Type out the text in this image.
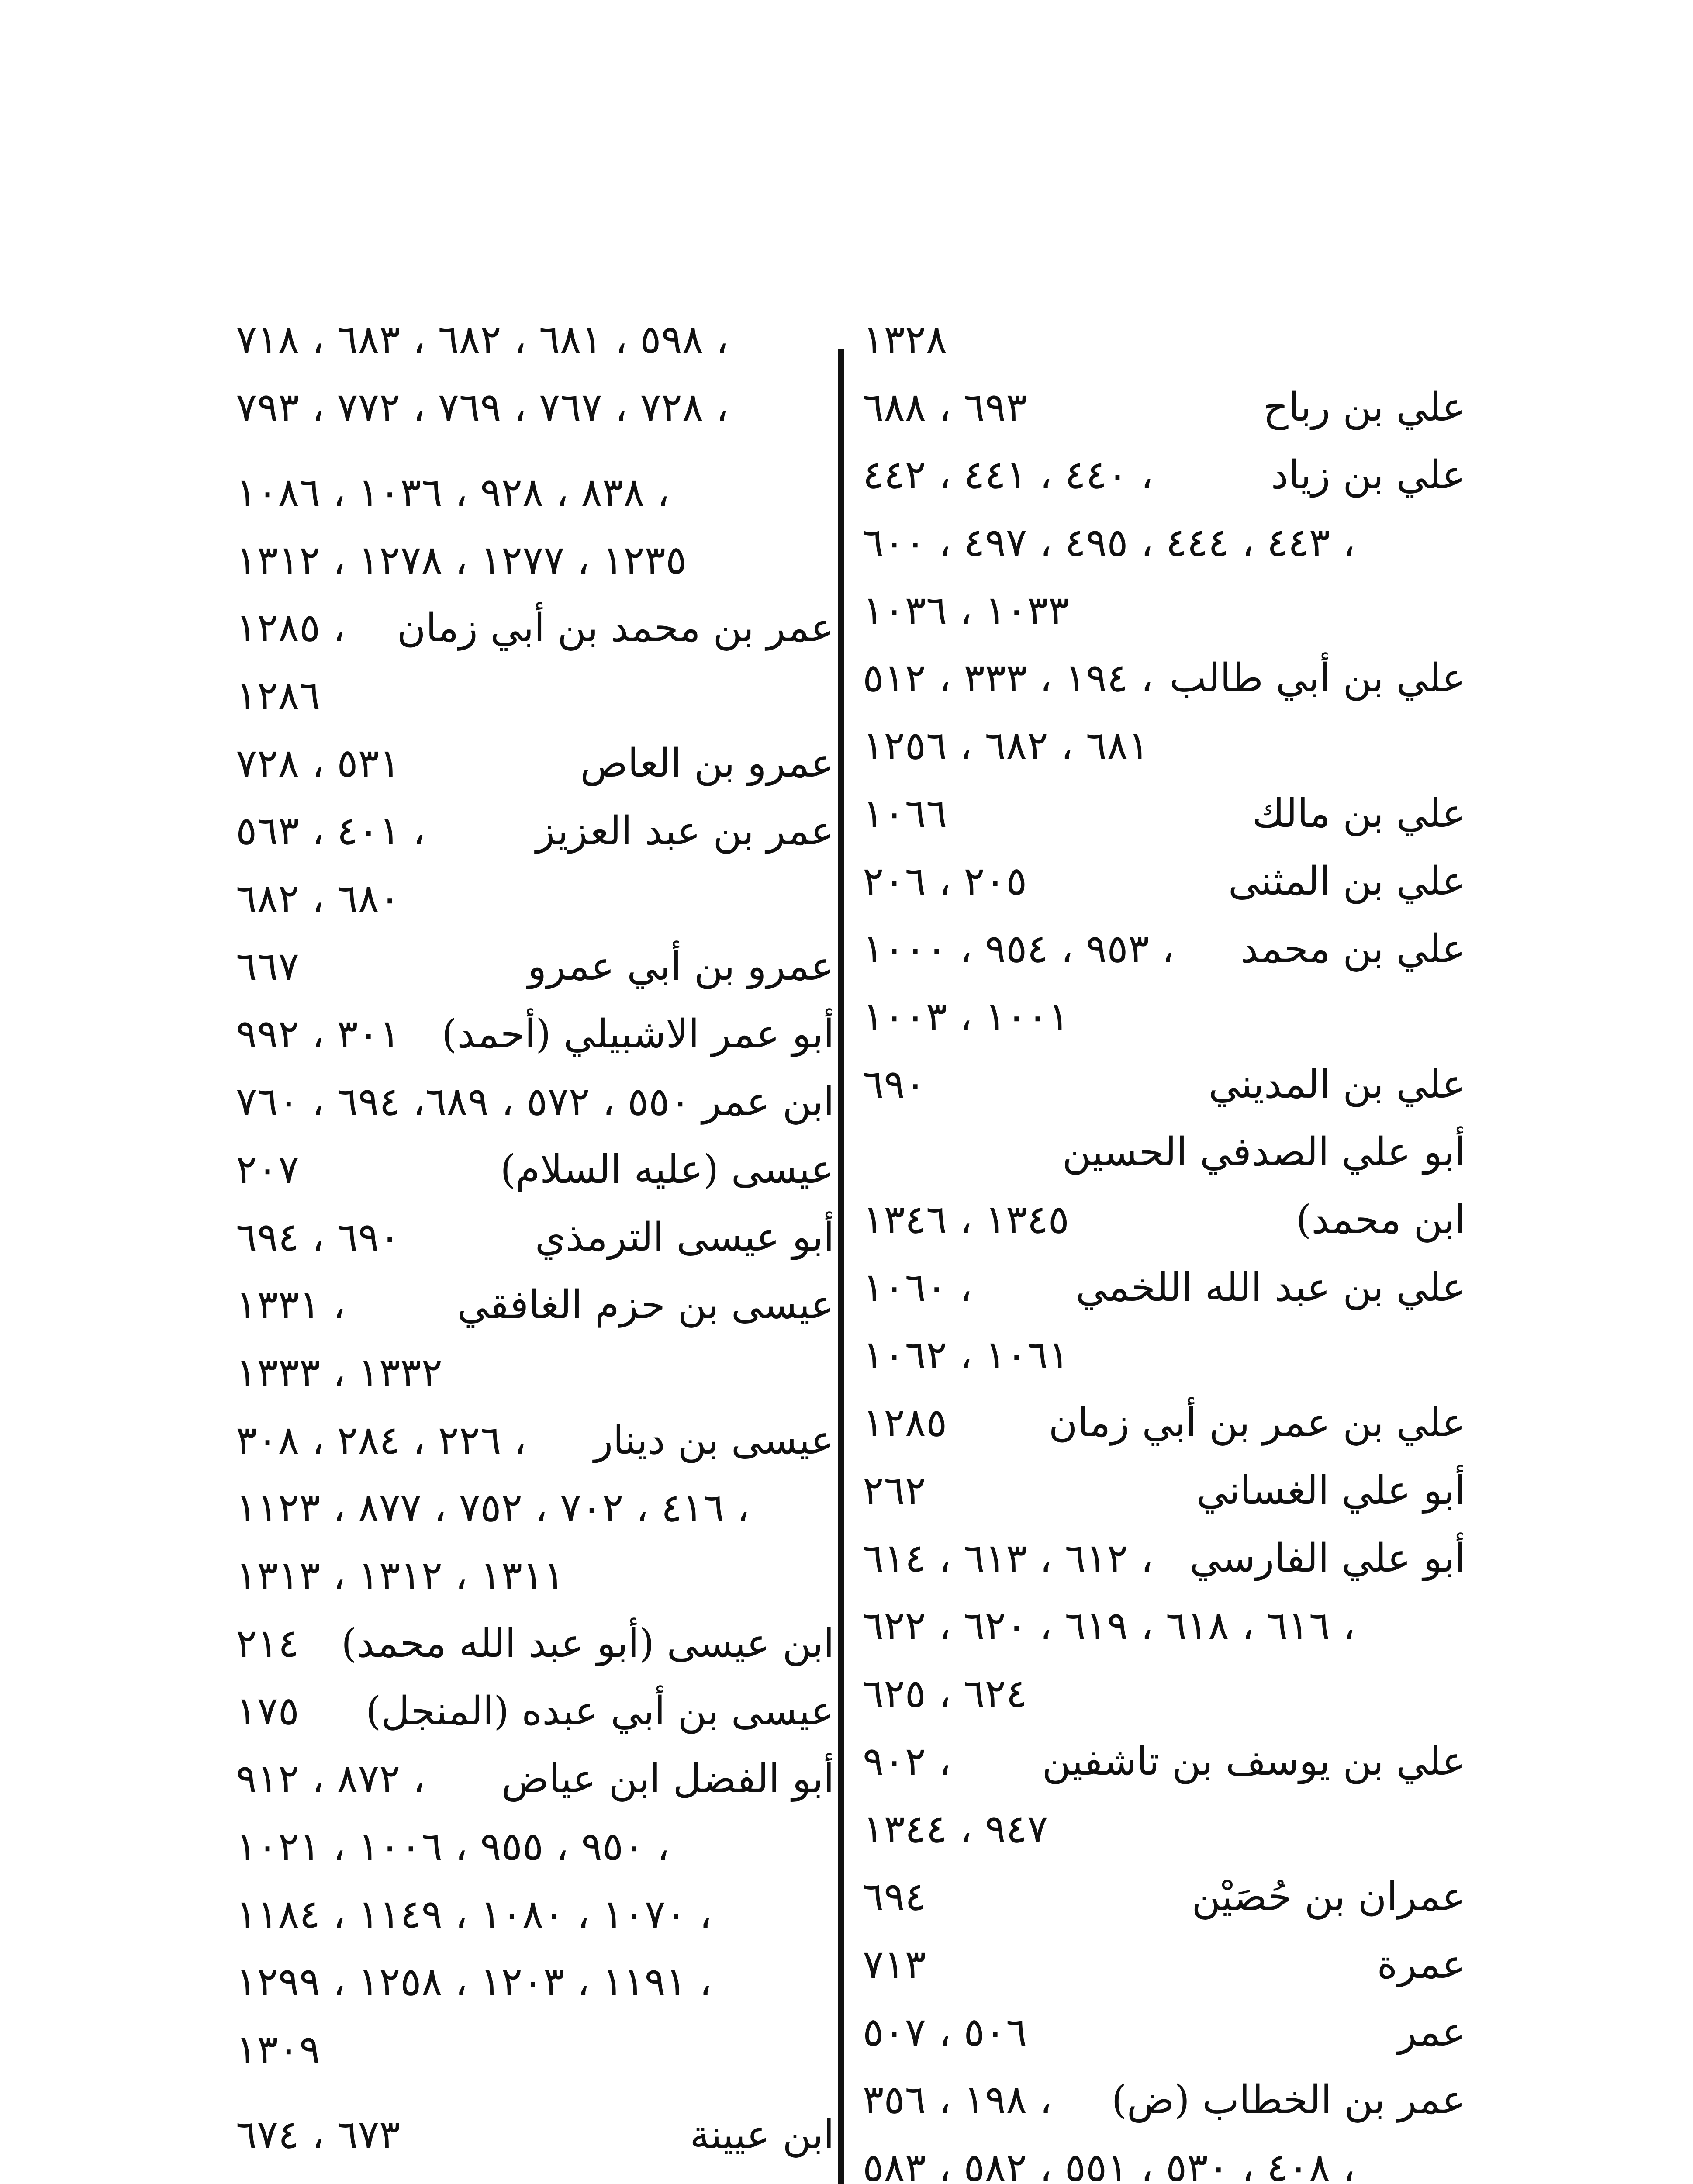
١٣٢٨
علي بن رباح
٦٩٣ ، ٦٨٨
علي بن زياد
٤٤٠ ، ٤٤١ ، ٤٤٢ ،
٤٤٣ ، ٤٤٤ ، ٤٩٥ ، ٤٩٧ ، ٦٠٠ ،
١٠٣٣ ، ١٠٣٦
علي بن أبي طالب
١٩٤ ، ٣٣٣ ، ٥١٢ ،
٦٨١ ، ٦٨٢ ، ١٢٥٦
علي بن مالك
١٠٦٦
علي بن المثنى
٢٠٥ ، ٢٠٦
علي بن محمد
٩٥٣ ، ٩٥٤ ، ١٠٠٠ ،
١٠٠١ ، ١٠٠٣
علي بن المديني
٦٩٠
أبو علي الصدفي الحسين
ابن محمد)
١٣٤٥ ، ١٣٤٦
علي بن عبد الله اللخمي
١٠٦٠ ،
١٠٦١ ، ١٠٦٢
علي بن عمر بن أبي زمان
١٢٨٥
أبو علي الغساني
٢٦٢
أبو علي الفارسي
٦١٢ ، ٦١٣ ، ٦١٤ ،
٦١٦ ، ٦١٨ ، ٦١٩ ، ٦٢٠ ، ٦٢٢ ،
٦٢٤ ، ٦٢٥
علي بن يوسف بن تاشفين
٩٠٢ ،
٩٤٧ ، ١٣٤٤
عمران بن حُصَيْن
٦٩٤
عمرة
٧١٣
عمر
٥٠٦ ، ٥٠٧
عمر بن الخطاب (ض)
١٩٨ ، ٣٥٦ ،
٤٠٨ ، ٥٣٠ ، ٥٥١ ، ٥٨٢ ، ٥٨٣ ،
٥٩٨ ، ٦٨١ ، ٦٨٢ ، ٦٨٣ ، ٧١٨ ،
٧٢٨ ، ٧٦٧ ، ٧٦٩ ، ٧٧٢ ، ٧٩٣ ،
٨٣٨ ، ٩٢٨ ، ١٠٣٦ ، ١٠٨٦ ،
١٢٣٥ ، ١٢٧٧ ، ١٢٧٨ ، ١٣١٢
عمر بن محمد بن أبي زمان
١٢٨٥ ،
١٢٨٦
عمرو بن العاص
٥٣١ ، ٧٢٨
عمر بن عبد العزيز
٤٠١ ، ٥٦٣ ،
٦٨٠ ، ٦٨٢
عمرو بن أبي عمرو
٦٦٧
أبو عمر الاشبيلي (أحمد)
٣٠١ ، ٩٩٢
ابن عمر
٥٥٠ ، ٥٧٢ ، ٦٨٩، ٦٩٤ ، ٧٦٠
عيسى (عليه السلام)
٢٠٧
أبو عيسى الترمذي
٦٩٠ ، ٦٩٤
عيسى بن حزم الغافقي
١٣٣١ ،
١٣٣٢ ، ١٣٣٣
عيسى بن دينار
٢٢٦ ، ٢٨٤ ، ٣٠٨ ،
٤١٦ ، ٧٠٢ ، ٧٥٢ ، ٨٧٧ ، ١١٢٣ ،
١٣١١ ، ١٣١٢ ، ١٣١٣
ابن عيسى (أبو عبد الله محمد)
٢١٤
عيسى بن أبي عبده (المنجل)
١٧٥
أبو الفضل ابن عياض
٨٧٢ ، ٩١٢ ،
٩٥٠ ، ٩٥٥ ، ١٠٠٦ ، ١٠٢١ ،
١٠٧٠ ، ١٠٨٠ ، ١١٤٩ ، ١١٨٤ ،
١١٩١ ، ١٢٠٣ ، ١٢٥٨ ، ١٢٩٩ ،
١٣٠٩
ابن عيينة
٦٧٣ ، ٦٧٤
